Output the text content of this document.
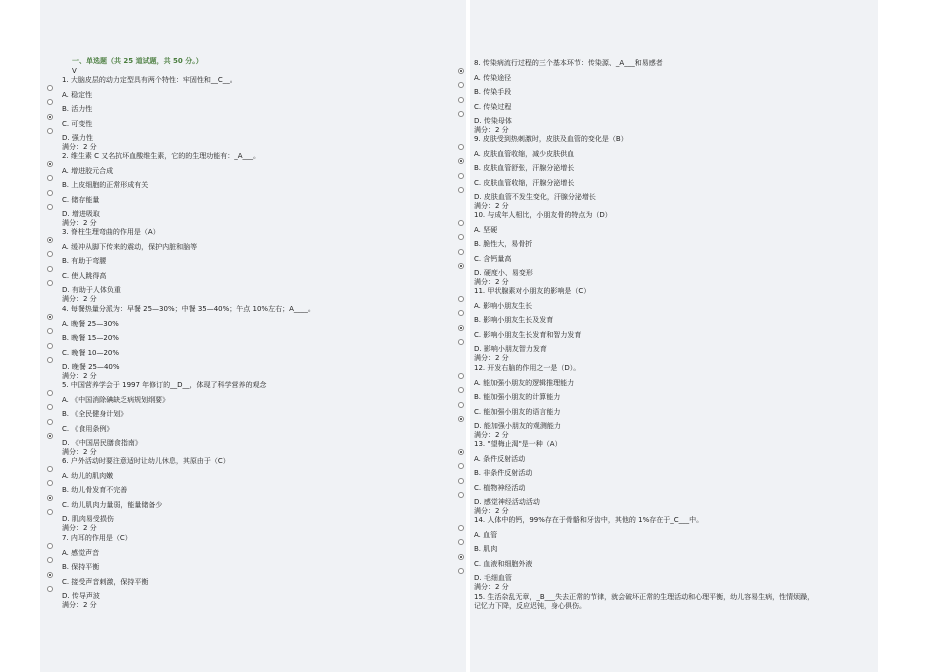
一、单选题（共 25 道试题，共 50 分。）
V
1. 大脑皮层的动力定型具有两个特性：牢固性和__C__。
A. 稳定性
B. 活力性
C. 可变性
D. 强力性
满分：2 分
2. 维生素 C 又名抗坏血酸维生素，它的的生理功能有：_A___。
A. 增进胶元合成
B. 上皮细胞的正常形成有关
C. 储存能量
D. 增进吸取
满分：2 分
3. 脊柱生理弯曲的作用是（A）
A. 缓冲从脚下传来的震动，保护内脏和脑等
B. 有助于弯腰
C. 使人跳得高
D. 有助于人体负重
满分：2 分
4. 每餐热量分派为：早餐 25—30%；中餐 35—40%；午点 10%左右；A____。
A. 晚餐 25—30%
B. 晚餐 15—20%
C. 晚餐 10—20%
D. 晚餐 25—40%
满分：2 分
5. 中国营养学会于 1997 年修订的__D__，体现了科学营养的观念
A. 《中国消除碘缺乏病规划纲要》
B. 《全民健身计划》
C. 《食用条例》
D. 《中国居民膳食指南》
满分：2 分
6. 户外活动时要注意适时让幼儿休息，其原由于（C）
A. 幼儿的肌肉嫩
B. 幼儿骨发育不完善
C. 幼儿肌肉力量弱，能量储备少
D. 肌肉易受损伤
满分：2 分
7. 内耳的作用是（C）
A. 感觉声音
B. 保持平衡
C. 接受声音刺激，保持平衡
D. 传导声波
满分：2 分
8. 传染病流行过程的三个基本环节：传染源、_A___和易感者
A. 传染途径
B. 传染手段
C. 传染过程
D. 传染母体
满分：2 分
9. 皮肤受到热刺激时，皮肤及血管的变化是（B）
A. 皮肤血管收缩，减少皮肤供血
B. 皮肤血管舒张，汗腺分泌增长
C. 皮肤血管收缩，汗腺分泌增长
D. 皮肤血管不发生变化，汗腺分泌增长
满分：2 分
10. 与成年人相比，小朋友骨的特点为（D）
A. 坚硬
B. 脆性大，易骨折
C. 含钙量高
D. 硬度小、易变形
满分：2 分
11. 甲状腺素对小朋友的影响是（C）
A. 影响小朋友生长
B. 影响小朋友生长及发育
C. 影响小朋友生长发育和智力发育
D. 影响小朋友智力发育
满分：2 分
12. 开发右脑的作用之一是（D）。
A. 能加强小朋友的逻辑推理能力
B. 能加强小朋友的计算能力
C. 能加强小朋友的语言能力
D. 能加强小朋友的观测能力
满分：2 分
13. "望梅止渴"是一种（A）
A. 条件反射活动
B. 非条件反射活动
C. 植物神经活动
D. 感觉神经活动活动
满分：2 分
14. 人体中的钙，99%存在于骨骼和牙齿中，其他的 1%存在于_C___中。
A. 血管
B. 肌肉
C. 血液和细胞外液
D. 毛细血管
满分：2 分
15. 生活杂乱无章，_B___失去正常的节律，就会破坏正常的生理活动和心理平衡，幼儿容易生病，性情烦躁，
记忆力下降，反应迟钝，身心俱伤。
